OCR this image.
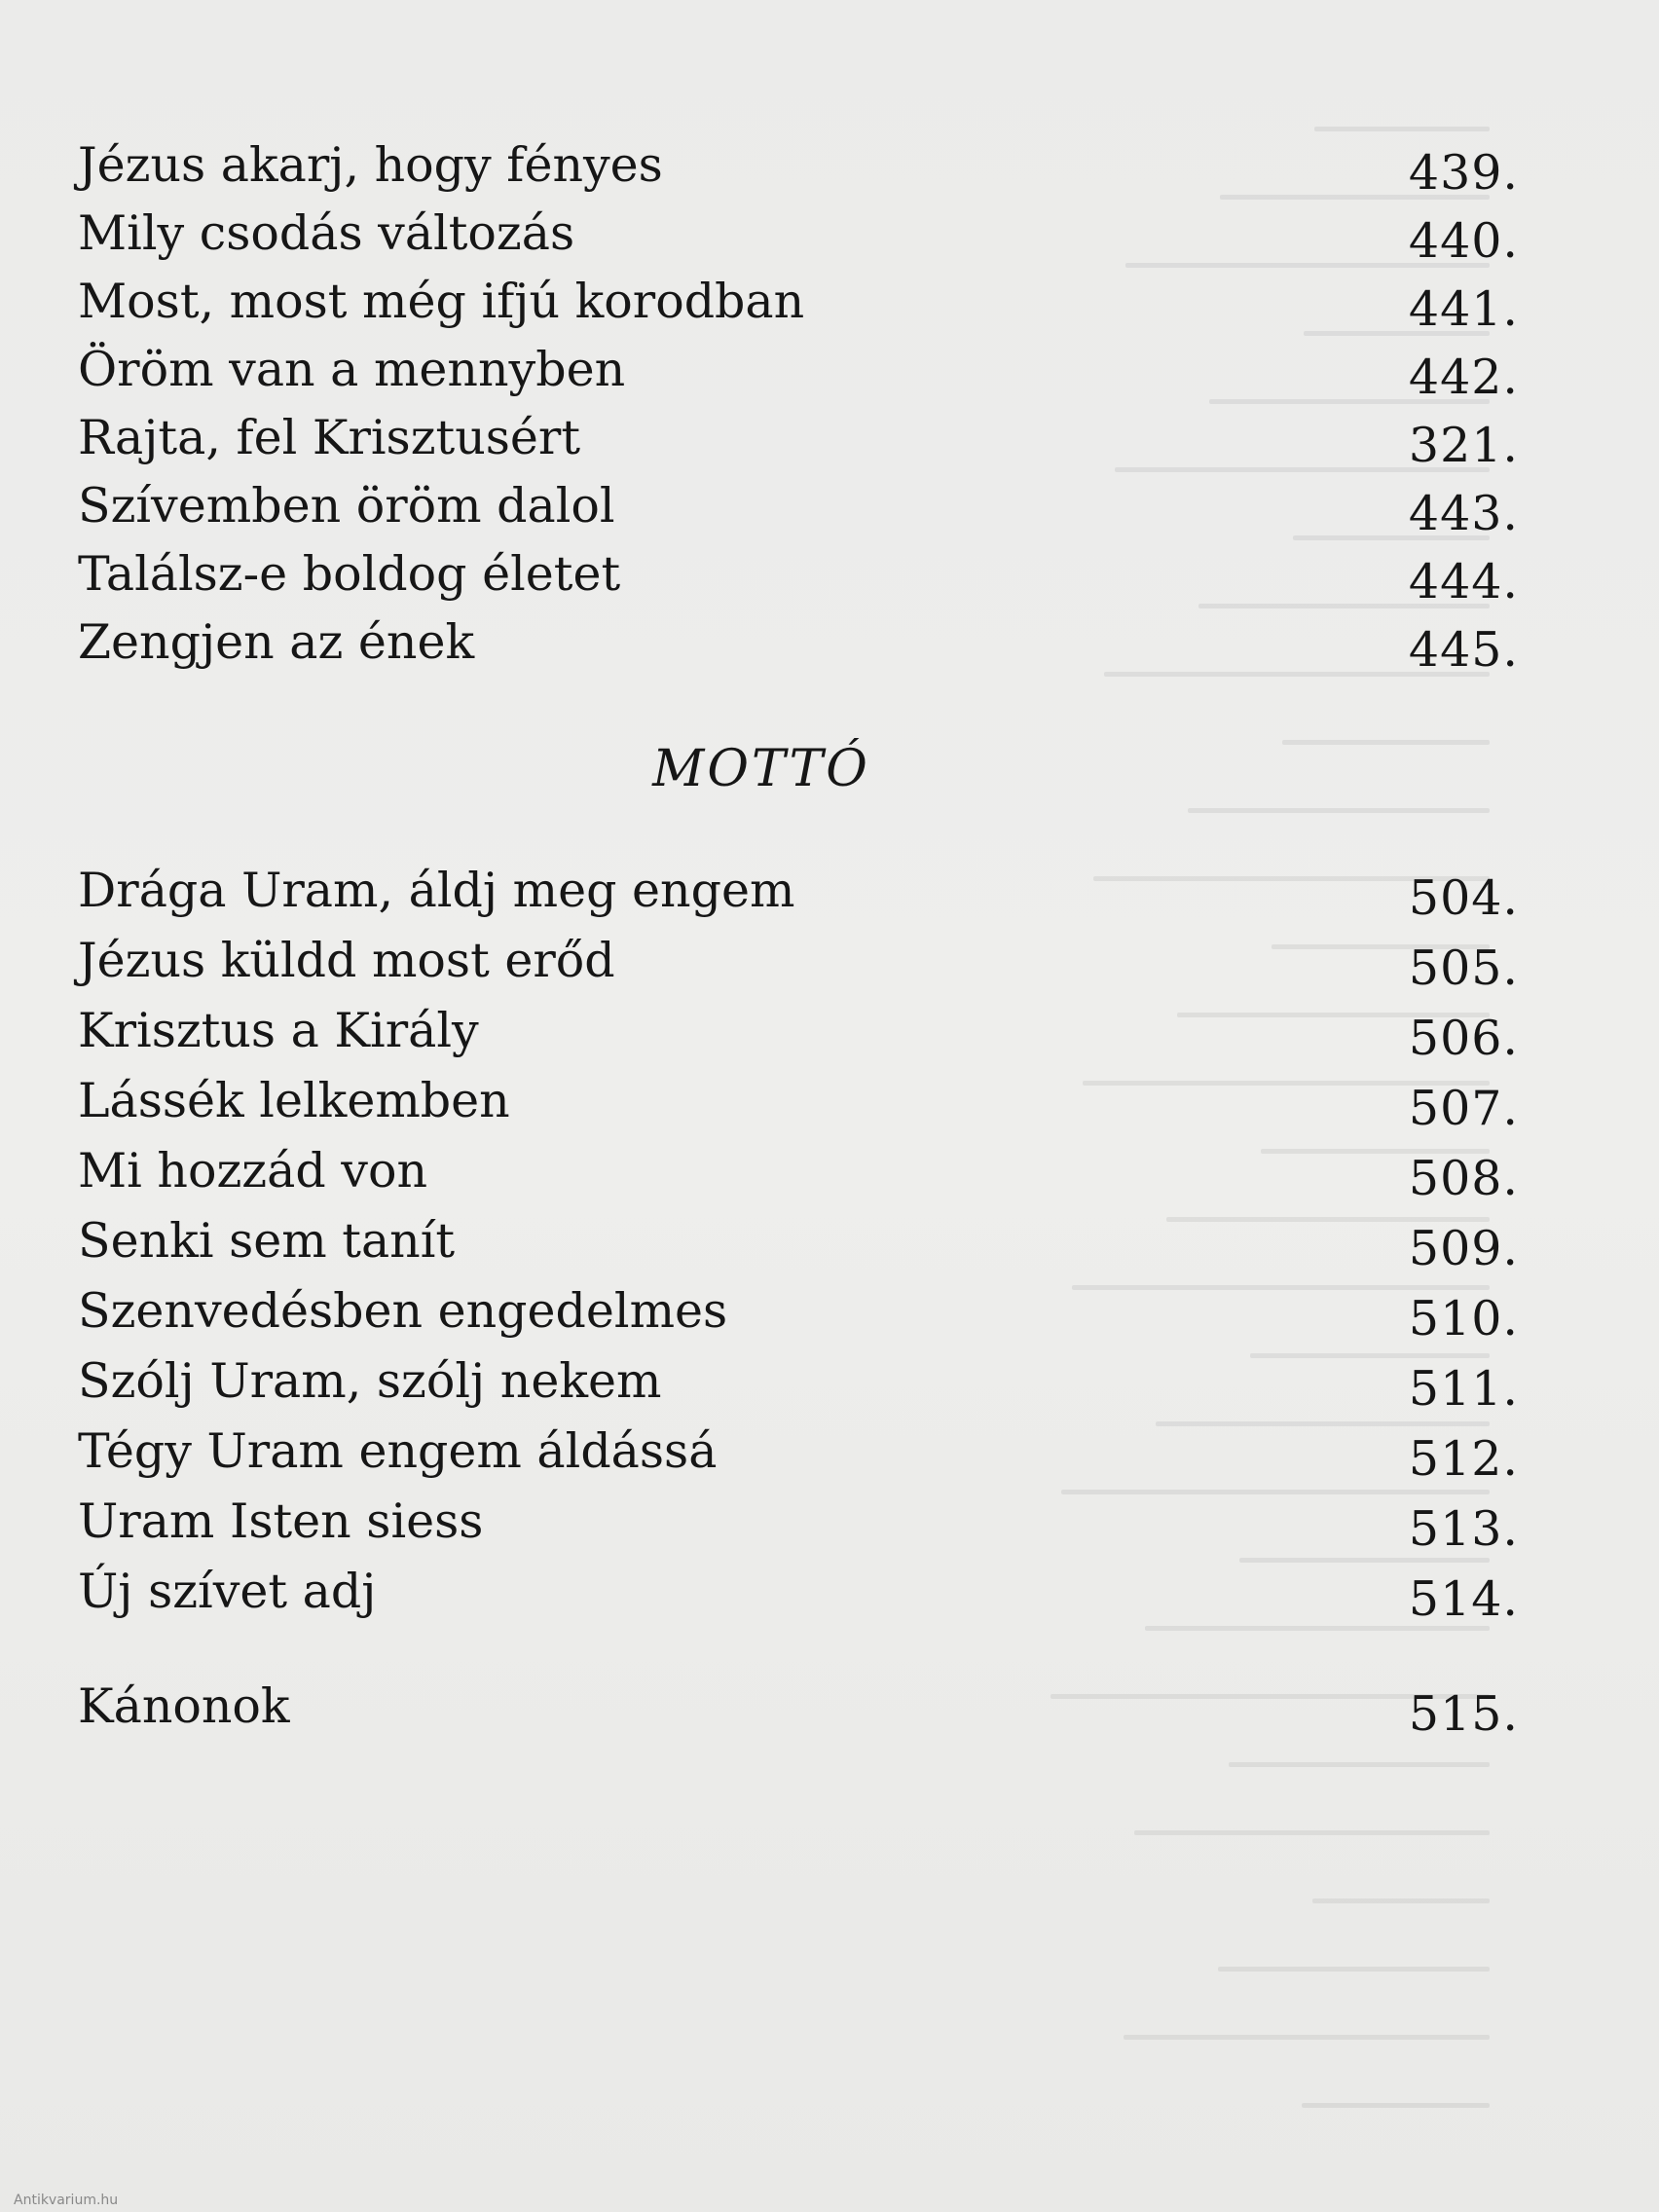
Jézus akarj, hogy fényes	439.
Mily csodás változás	440.
Most, most még ifjú korodban	441.
Öröm van a mennyben	442.
Rajta, fel Krisztusért	321.
Szívemben öröm dalol	443.
Találsz-e boldog életet	444.
Zengjen az ének	445.
MOTTÓ
Drága Uram, áldj meg engem	504.
Jézus küldd most erőd	505.
Krisztus a Király	506.
Lássék lelkemben	507.
Mi hozzád von	508.
Senki sem tanít	509.
Szenvedésben engedelmes	510.
Szólj Uram, szólj nekem	511.
Tégy Uram engem áldássá	512.
Uram Isten siess	513.
Új szívet adj	514.
Kánonok	515.
Antikvarium.hu
